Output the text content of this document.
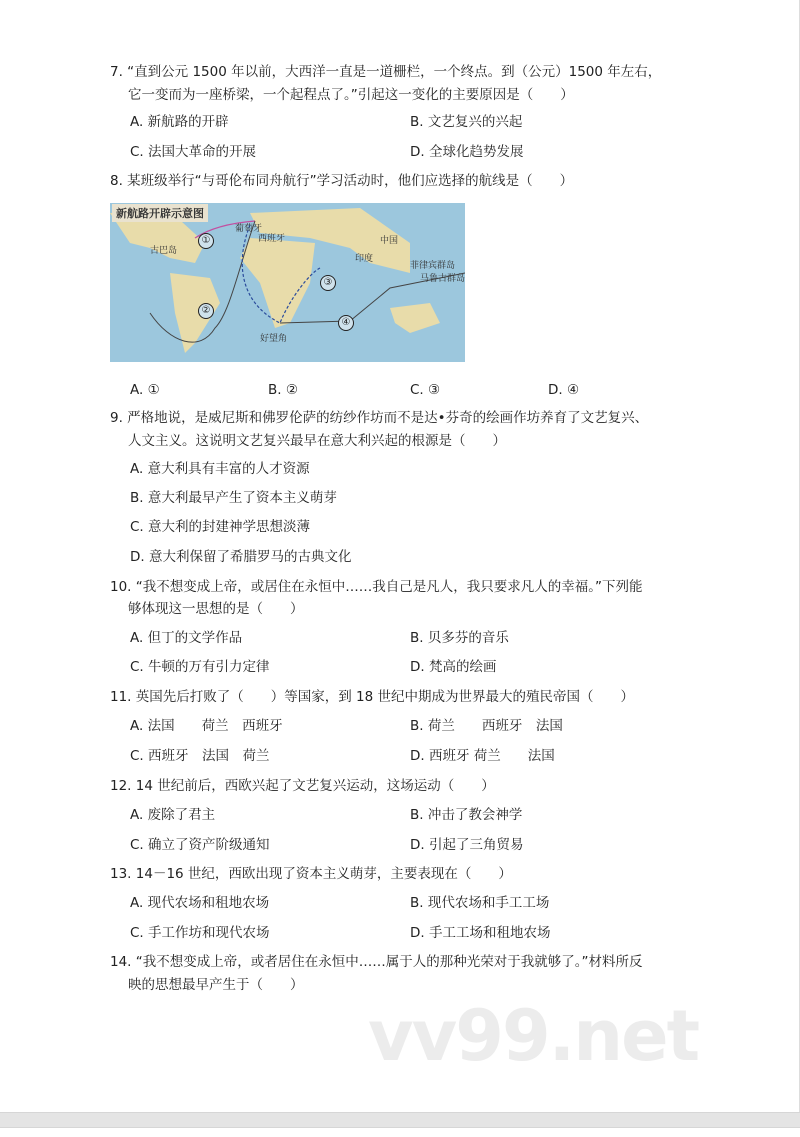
7. “直到公元 1500 年以前，大西洋一直是一道栅栏，一个终点。到（公元）1500 年左右，
它一变而为一座桥梁，一个起程点了。”引起这一变化的主要原因是（　　）
A. 新航路的开辟	B. 文艺复兴的兴起
C. 法国大革命的开展	D. 全球化趋势发展
8. 某班级举行“与哥伦布同舟航行”学习活动时，他们应选择的航线是（　　）
A. ①	B. ②	C. ③	D. ④
9. 严格地说，是威尼斯和佛罗伦萨的纺纱作坊而不是达•芬奇的绘画作坊养育了文艺复兴、
人文主义。这说明文艺复兴最早在意大利兴起的根源是（　　）
A. 意大利具有丰富的人才资源
B. 意大利最早产生了资本主义萌芽
C. 意大利的封建神学思想淡薄
D. 意大利保留了希腊罗马的古典文化
10. “我不想变成上帝，或居住在永恒中……我自己是凡人，我只要求凡人的幸福。”下列能
够体现这一思想的是（　　）
A. 但丁的文学作品	B. 贝多芬的音乐
C. 牛顿的万有引力定律	D. 梵高的绘画
11. 英国先后打败了（　　）等国家，到 18 世纪中期成为世界最大的殖民帝国（　　）
A. 法国　　荷兰　西班牙	B. 荷兰　　西班牙　法国
C. 西班牙　法国　荷兰	D. 西班牙 荷兰　　法国
12. 14 世纪前后，西欧兴起了文艺复兴运动，这场运动（　　）
A. 废除了君主	B. 冲击了教会神学
C. 确立了资产阶级通知	D. 引起了三角贸易
13. 14－16 世纪，西欧出现了资本主义萌芽，主要表现在（　　）
A. 现代农场和租地农场	B. 现代农场和手工工场
C. 手工作坊和现代农场	D. 手工工场和租地农场
14. “我不想变成上帝，或者居住在永恒中……属于人的那种光荣对于我就够了。”材料所反
映的思想最早产生于（　　）
新航路开辟示意图
①
②
③
④
中国
印度
好望角
西班牙
葡萄牙
古巴岛
马鲁古群岛
菲律宾群岛
vv99.net
